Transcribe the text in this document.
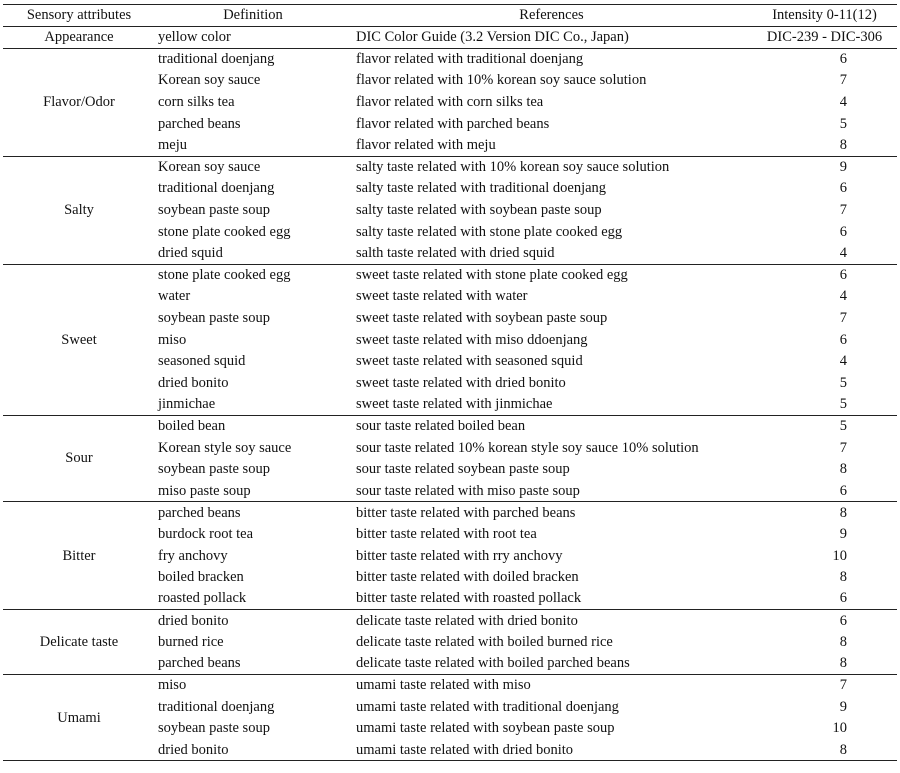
Sensory attributes	Definition	References	Intensity 0-11(12)
Appearance	yellow color	DIC Color Guide (3.2 Version DIC Co., Japan)	DIC-239 - DIC-306
Flavor/Odor	traditional doenjang	flavor related with traditional doenjang	6
	Korean soy sauce	flavor related with 10% korean soy sauce solution	7
	corn silks tea	flavor related with corn silks tea	4
	parched beans	flavor related with parched beans	5
	meju	flavor related with meju	8
Salty	Korean soy sauce	salty taste related with 10% korean soy sauce solution	9
	traditional doenjang	salty taste related with traditional doenjang	6
	soybean paste soup	salty taste related with soybean paste soup	7
	stone plate cooked egg	salty taste related with stone plate cooked egg	6
	dried squid	salth taste related with dried squid	4
Sweet	stone plate cooked egg	sweet taste related with stone plate cooked egg	6
	water	sweet taste related with water	4
	soybean paste soup	sweet taste related with soybean paste soup	7
	miso	sweet taste related with miso ddoenjang	6
	seasoned squid	sweet taste related with seasoned squid	4
	dried bonito	sweet taste related with dried bonito	5
	jinmichae	sweet taste related with jinmichae	5
Sour	boiled bean	sour taste related boiled bean	5
	Korean style soy sauce	sour taste related 10% korean style soy sauce 10% solution	7
	soybean paste soup	sour taste related soybean paste soup	8
	miso paste soup	sour taste related with miso paste soup	6
Bitter	parched beans	bitter taste related with parched beans	8
	burdock root tea	bitter taste related with root tea	9
	fry anchovy	bitter taste related with rry anchovy	10
	boiled bracken	bitter taste related with doiled bracken	8
	roasted pollack	bitter taste related with roasted pollack	6
Delicate taste	dried bonito	delicate taste related with dried bonito	6
	burned rice	delicate taste related with boiled burned rice	8
	parched beans	delicate taste related with boiled parched beans	8
Umami	miso	umami taste related with miso	7
	traditional doenjang	umami taste related with traditional doenjang	9
	soybean paste soup	umami taste related with soybean paste soup	10
	dried bonito	umami taste related with dried bonito	8
